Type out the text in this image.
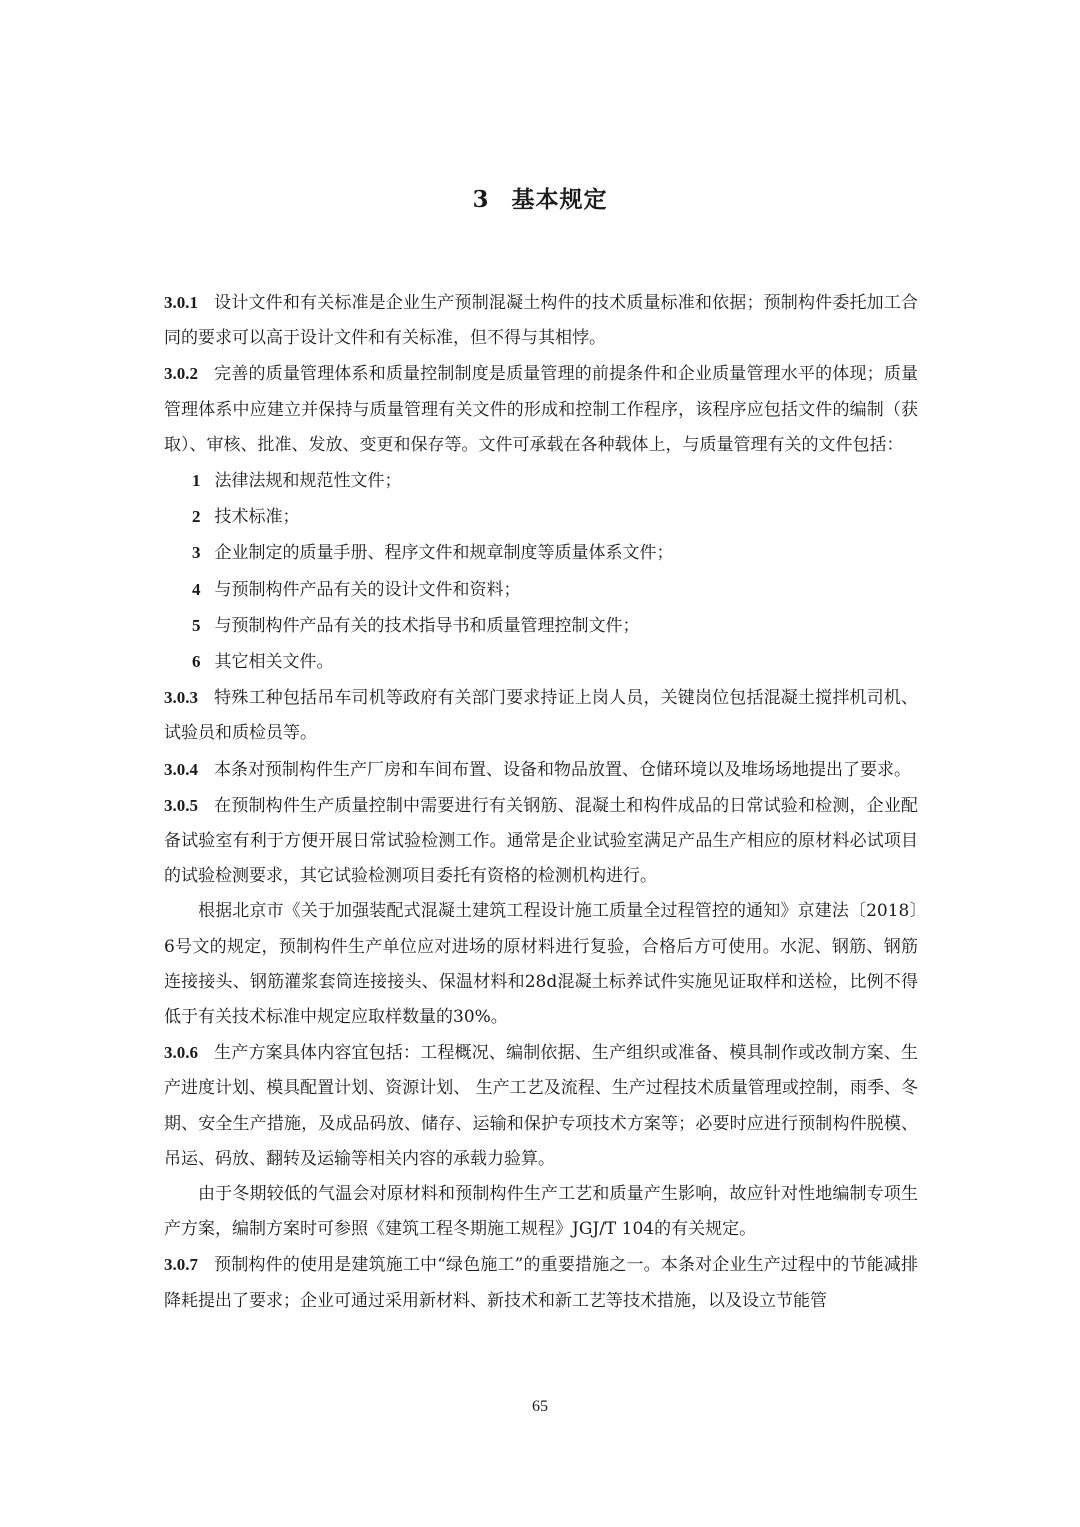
3 基本规定

3.0.1 设计文件和有关标准是企业生产预制混凝土构件的技术质量标准和依据；预制构件委托加工合同的要求可以高于设计文件和有关标准，但不得与其相悖。

3.0.2 完善的质量管理体系和质量控制制度是质量管理的前提条件和企业质量管理水平的体现；质量管理体系中应建立并保持与质量管理有关文件的形成和控制工作程序，该程序应包括文件的编制（获取）、审核、批准、发放、变更和保存等。文件可承载在各种载体上，与质量管理有关的文件包括：

1 法律法规和规范性文件；

2 技术标准；

3 企业制定的质量手册、程序文件和规章制度等质量体系文件；

4 与预制构件产品有关的设计文件和资料；

5 与预制构件产品有关的技术指导书和质量管理控制文件；

6 其它相关文件。

3.0.3 特殊工种包括吊车司机等政府有关部门要求持证上岗人员，关键岗位包括混凝土搅拌机司机、试验员和质检员等。

3.0.4 本条对预制构件生产厂房和车间布置、设备和物品放置、仓储环境以及堆场场地提出了要求。

3.0.5 在预制构件生产质量控制中需要进行有关钢筋、混凝土和构件成品的日常试验和检测，企业配备试验室有利于方便开展日常试验检测工作。通常是企业试验室满足产品生产相应的原材料必试项目的试验检测要求，其它试验检测项目委托有资格的检测机构进行。

根据北京市《关于加强装配式混凝土建筑工程设计施工质量全过程管控的通知》京建法〔2018〕6号文的规定，预制构件生产单位应对进场的原材料进行复验，合格后方可使用。水泥、钢筋、钢筋连接接头、钢筋灌浆套筒连接接头、保温材料和28d混凝土标养试件实施见证取样和送检，比例不得低于有关技术标准中规定应取样数量的30%。

3.0.6 生产方案具体内容宜包括：工程概况、编制依据、生产组织或准备、模具制作或改制方案、生产进度计划、模具配置计划、资源计划、 生产工艺及流程、生产过程技术质量管理或控制，雨季、冬期、安全生产措施，及成品码放、储存、运输和保护专项技术方案等；必要时应进行预制构件脱模、吊运、码放、翻转及运输等相关内容的承载力验算。

由于冬期较低的气温会对原材料和预制构件生产工艺和质量产生影响，故应针对性地编制专项生产方案，编制方案时可参照《建筑工程冬期施工规程》JGJ/T 104的有关规定。

3.0.7 预制构件的使用是建筑施工中“绿色施工”的重要措施之一。本条对企业生产过程中的节能减排降耗提出了要求；企业可通过采用新材料、新技术和新工艺等技术措施，以及设立节能管

65
